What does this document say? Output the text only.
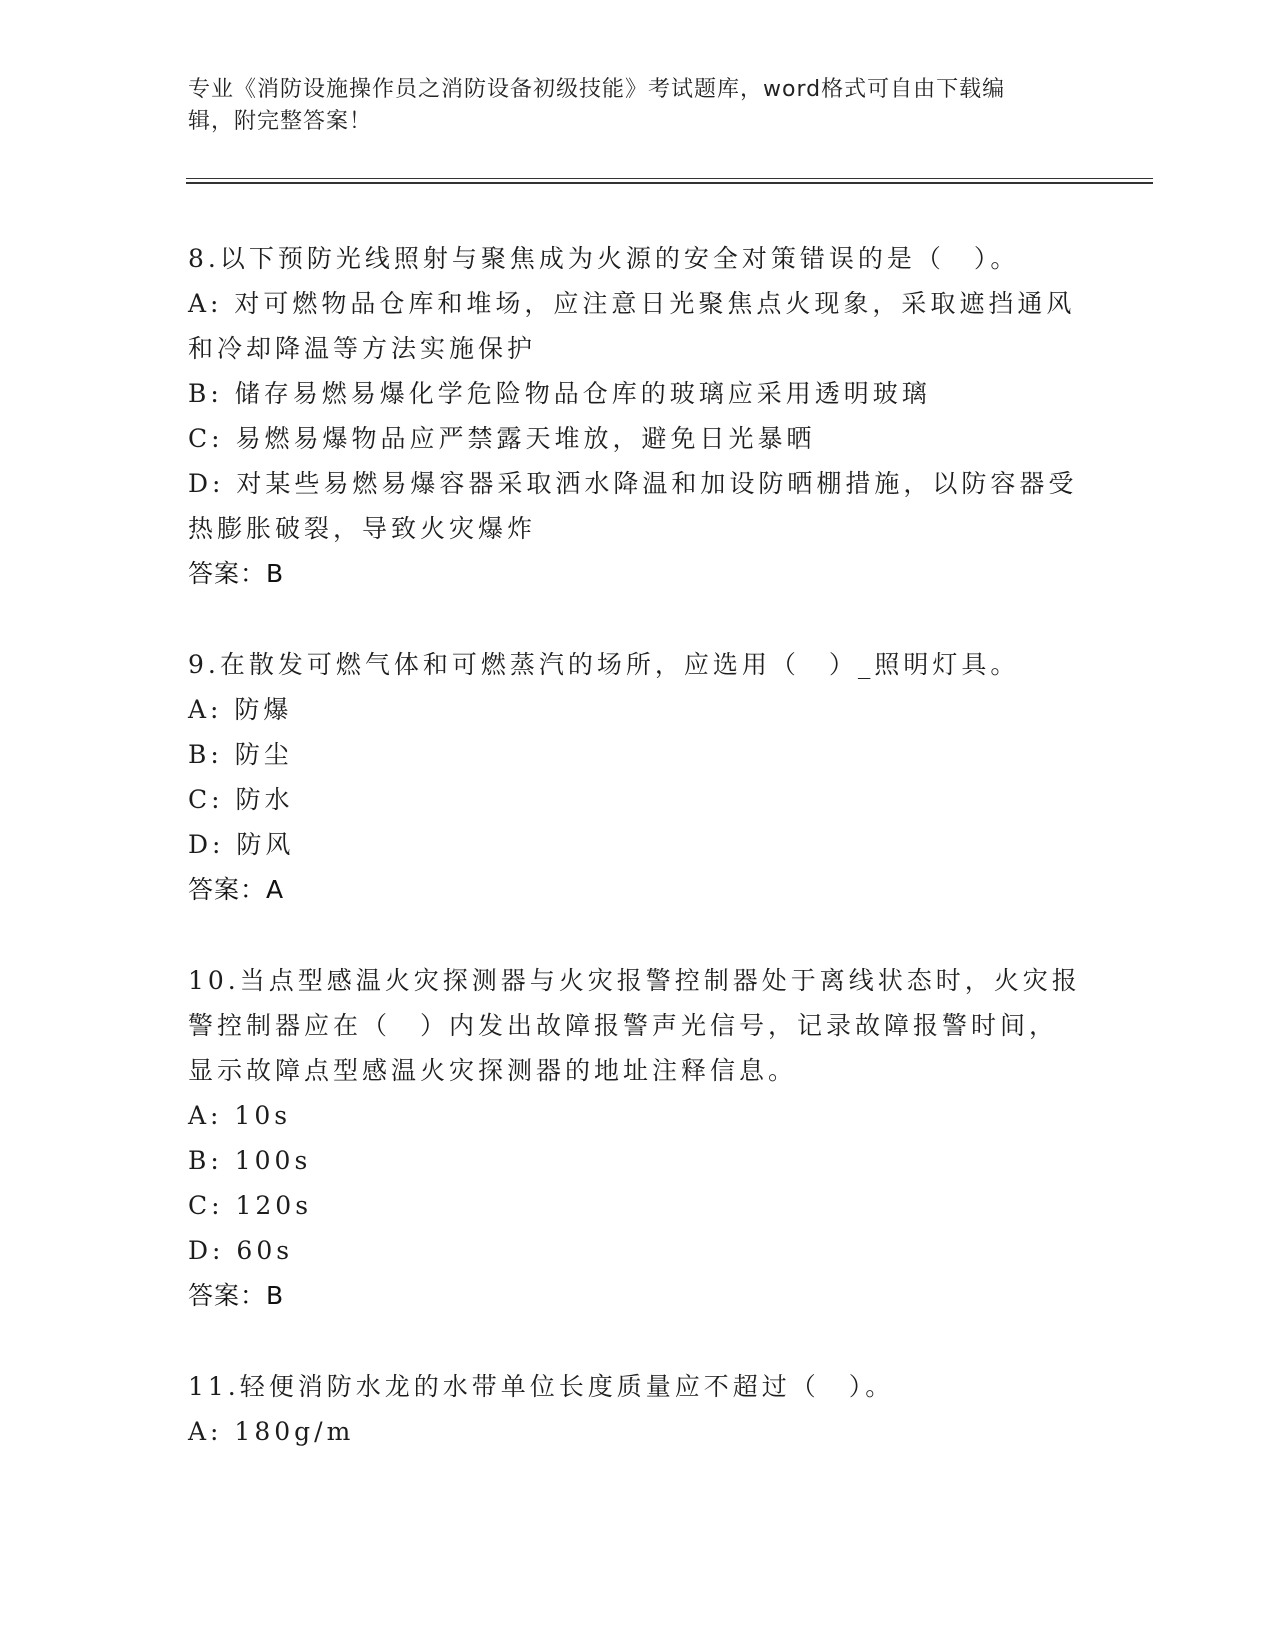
专业《消防设施操作员之消防设备初级技能》考试题库，word格式可自由下载编
辑，附完整答案！
8.以下预防光线照射与聚焦成为火源的安全对策错误的是（　）。
A: 对可燃物品仓库和堆场，应注意日光聚焦点火现象，采取遮挡通风
和冷却降温等方法实施保护
B: 储存易燃易爆化学危险物品仓库的玻璃应采用透明玻璃
C: 易燃易爆物品应严禁露天堆放，避免日光暴晒
D: 对某些易燃易爆容器采取洒水降温和加设防晒棚措施，以防容器受
热膨胀破裂，导致火灾爆炸
答案：B
9.在散发可燃气体和可燃蒸汽的场所，应选用（　）_照明灯具。
A: 防爆
B: 防尘
C: 防水
D: 防风
答案：A
10.当点型感温火灾探测器与火灾报警控制器处于离线状态时，火灾报
警控制器应在（　）内发出故障报警声光信号，记录故障报警时间，
显示故障点型感温火灾探测器的地址注释信息。
A: 10s
B: 100s
C: 120s
D: 60s
答案：B
11.轻便消防水龙的水带单位长度质量应不超过（　）。
A: 180g/m
